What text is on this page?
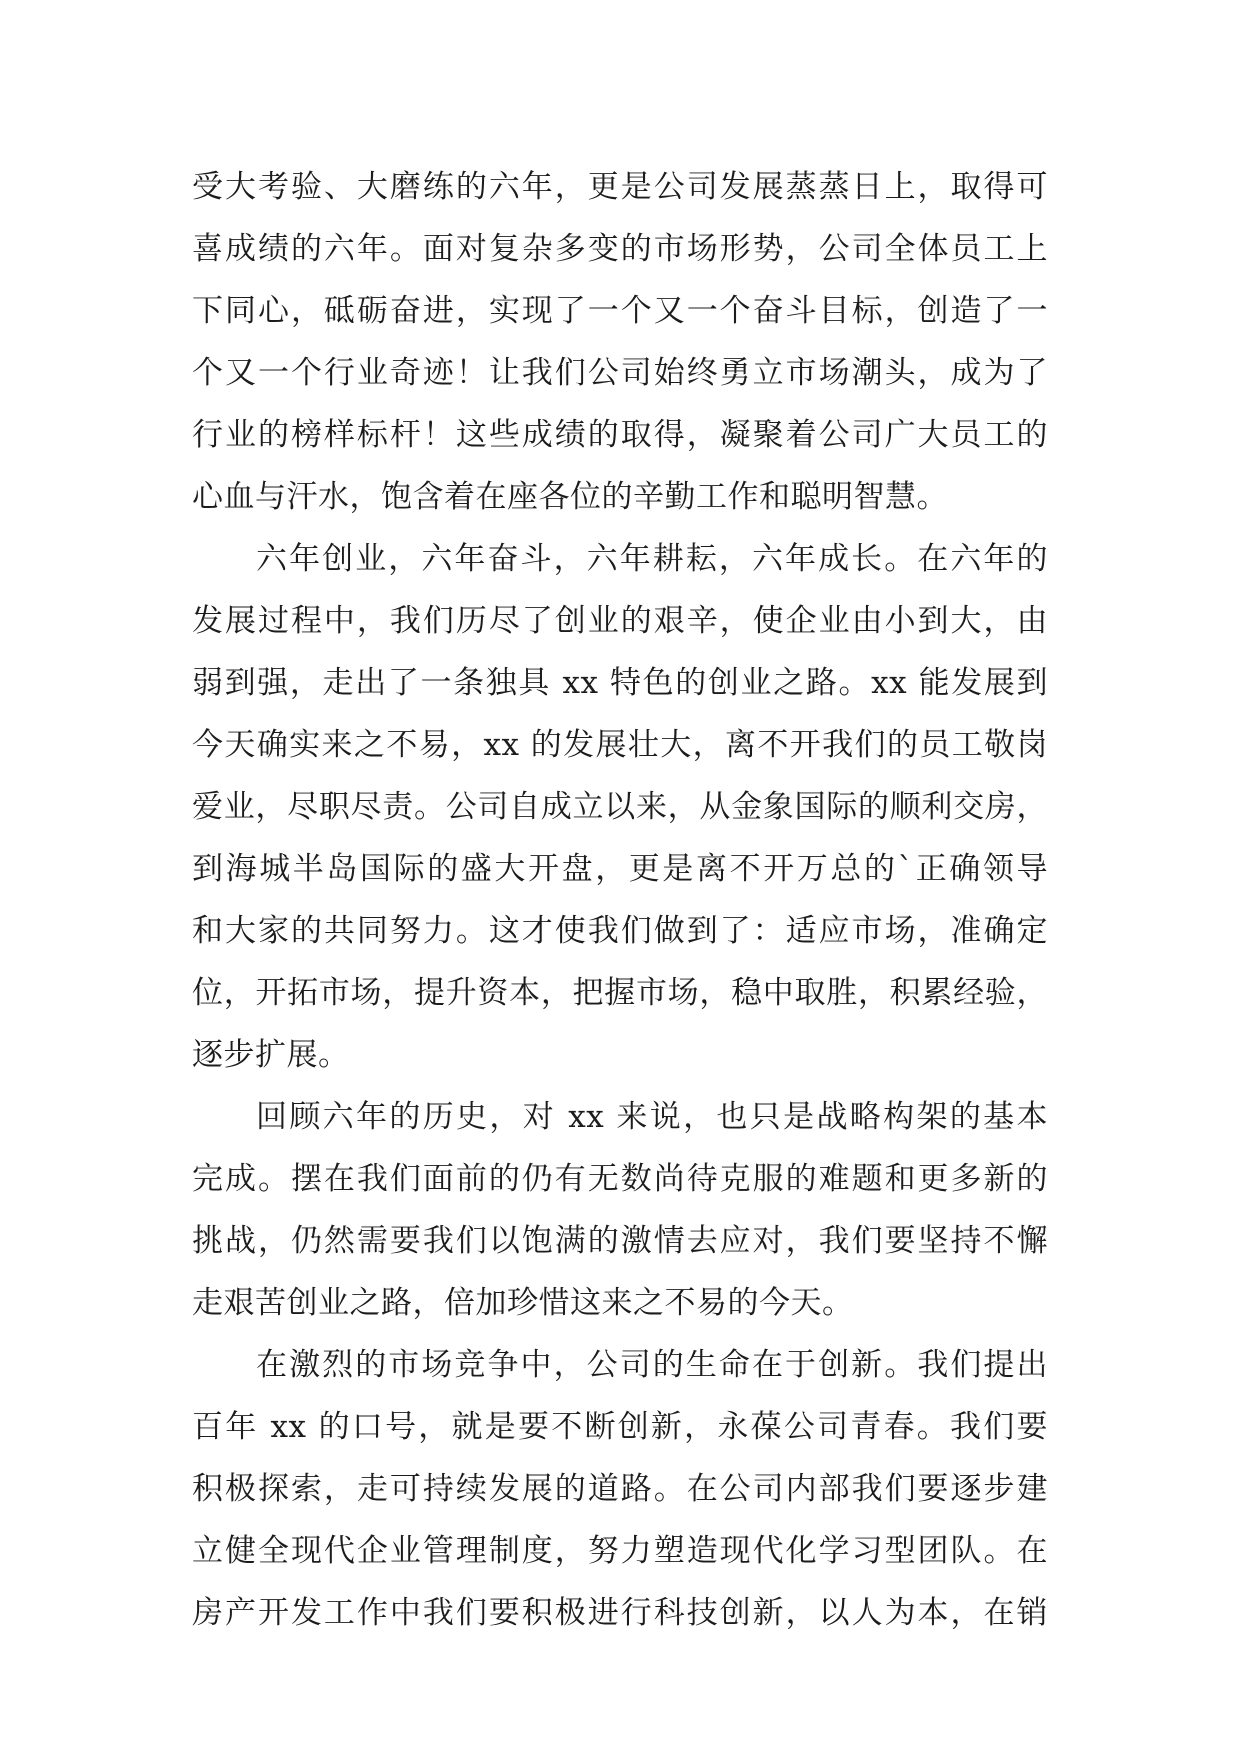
受大考验、大磨练的六年，更是公司发展蒸蒸日上，取得可
喜成绩的六年。面对复杂多变的市场形势，公司全体员工上
下同心，砥砺奋进，实现了一个又一个奋斗目标，创造了一
个又一个行业奇迹！让我们公司始终勇立市场潮头，成为了
行业的榜样标杆！这些成绩的取得，凝聚着公司广大员工的
心血与汗水，饱含着在座各位的辛勤工作和聪明智慧。
六年创业，六年奋斗，六年耕耘，六年成长。在六年的
发展过程中，我们历尽了创业的艰辛，使企业由小到大，由
弱到强，走出了一条独具 xx 特色的创业之路。xx 能发展到
今天确实来之不易，xx 的发展壮大，离不开我们的员工敬岗
爱业，尽职尽责。公司自成立以来，从金象国际的顺利交房，
到海城半岛国际的盛大开盘，更是离不开万总的`正确领导
和大家的共同努力。这才使我们做到了：适应市场，准确定
位，开拓市场，提升资本，把握市场，稳中取胜，积累经验，
逐步扩展。
回顾六年的历史，对 xx 来说，也只是战略构架的基本
完成。摆在我们面前的仍有无数尚待克服的难题和更多新的
挑战，仍然需要我们以饱满的激情去应对，我们要坚持不懈
走艰苦创业之路，倍加珍惜这来之不易的今天。
在激烈的市场竞争中，公司的生命在于创新。我们提出
百年 xx 的口号，就是要不断创新，永葆公司青春。我们要
积极探索，走可持续发展的道路。在公司内部我们要逐步建
立健全现代企业管理制度，努力塑造现代化学习型团队。在
房产开发工作中我们要积极进行科技创新，以人为本，在销
